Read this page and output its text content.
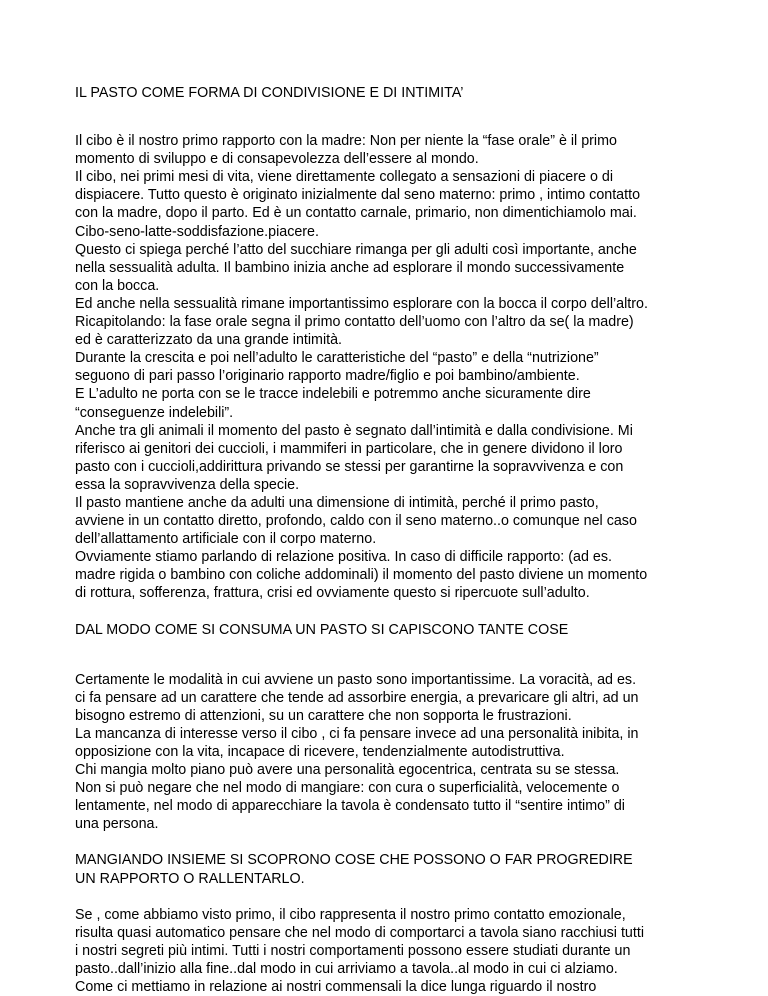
IL PASTO COME FORMA DI CONDIVISIONE E DI INTIMITA’
Il cibo è il nostro primo rapporto con la madre: Non per niente la “fase orale” è il primo
momento di sviluppo e di consapevolezza dell’essere al mondo.
Il cibo, nei primi mesi di vita, viene direttamente collegato a sensazioni di piacere o di
dispiacere. Tutto questo è originato inizialmente dal seno materno: primo , intimo contatto
con la madre, dopo il parto. Ed è un contatto carnale, primario, non dimentichiamolo mai.
Cibo-seno-latte-soddisfazione.piacere.
Questo ci spiega perché l’atto del succhiare rimanga per gli adulti così importante, anche
nella sessualità adulta. Il bambino inizia anche ad esplorare il mondo successivamente
con la bocca.
Ed anche nella sessualità rimane importantissimo esplorare con la bocca il corpo dell’altro.
Ricapitolando: la fase orale segna il primo contatto dell’uomo con l’altro da se( la madre)
ed è caratterizzato da una grande intimità.
Durante la crescita e poi nell’adulto le caratteristiche del “pasto” e della “nutrizione”
seguono di pari passo l’originario rapporto madre/figlio e poi bambino/ambiente.
E L’adulto ne porta con se le tracce indelebili e potremmo anche sicuramente dire
“conseguenze indelebili”.
Anche tra gli animali il momento del pasto è segnato dall’intimità e dalla condivisione. Mi
riferisco ai genitori dei cuccioli, i mammiferi in particolare, che in genere dividono il loro
pasto con i cuccioli,addirittura privando se stessi per garantirne la sopravvivenza e con
essa la sopravvivenza della specie.
Il pasto mantiene anche da adulti una dimensione di intimità, perché il primo pasto,
avviene in un contatto diretto, profondo, caldo con il seno materno..o comunque nel caso
dell’allattamento artificiale con il corpo materno.
Ovviamente stiamo parlando di relazione positiva. In caso di difficile rapporto: (ad es.
madre rigida o bambino con coliche addominali) il momento del pasto diviene un momento
di rottura, sofferenza, frattura, crisi ed ovviamente questo si ripercuote sull’adulto.
DAL MODO COME SI CONSUMA UN PASTO SI CAPISCONO TANTE COSE
Certamente le modalità in cui avviene un pasto sono importantissime. La voracità, ad es.
ci fa pensare ad un carattere che tende ad assorbire energia, a prevaricare gli altri, ad un
bisogno estremo di attenzioni, su un carattere che non sopporta le frustrazioni.
La mancanza di interesse verso il cibo , ci fa pensare invece ad una personalità inibita, in
opposizione con la vita, incapace di ricevere, tendenzialmente autodistruttiva.
Chi mangia molto piano può avere una personalità egocentrica, centrata su se stessa.
Non si può negare che nel modo di mangiare: con cura o superficialità, velocemente o
lentamente, nel modo di apparecchiare la tavola è condensato tutto il “sentire intimo” di
una persona.
MANGIANDO INSIEME SI SCOPRONO COSE CHE POSSONO O FAR PROGREDIRE
UN RAPPORTO O RALLENTARLO.
Se , come abbiamo visto primo, il cibo rappresenta il nostro primo contatto emozionale,
risulta quasi automatico pensare che nel modo di comportarci a tavola siano racchiusi tutti
i nostri segreti più intimi. Tutti i nostri comportamenti possono essere studiati durante un
pasto..dall’inizio alla fine..dal modo in cui arriviamo a tavola..al modo in cui ci alziamo.
Come ci mettiamo in relazione ai nostri commensali la dice lunga riguardo il nostro
